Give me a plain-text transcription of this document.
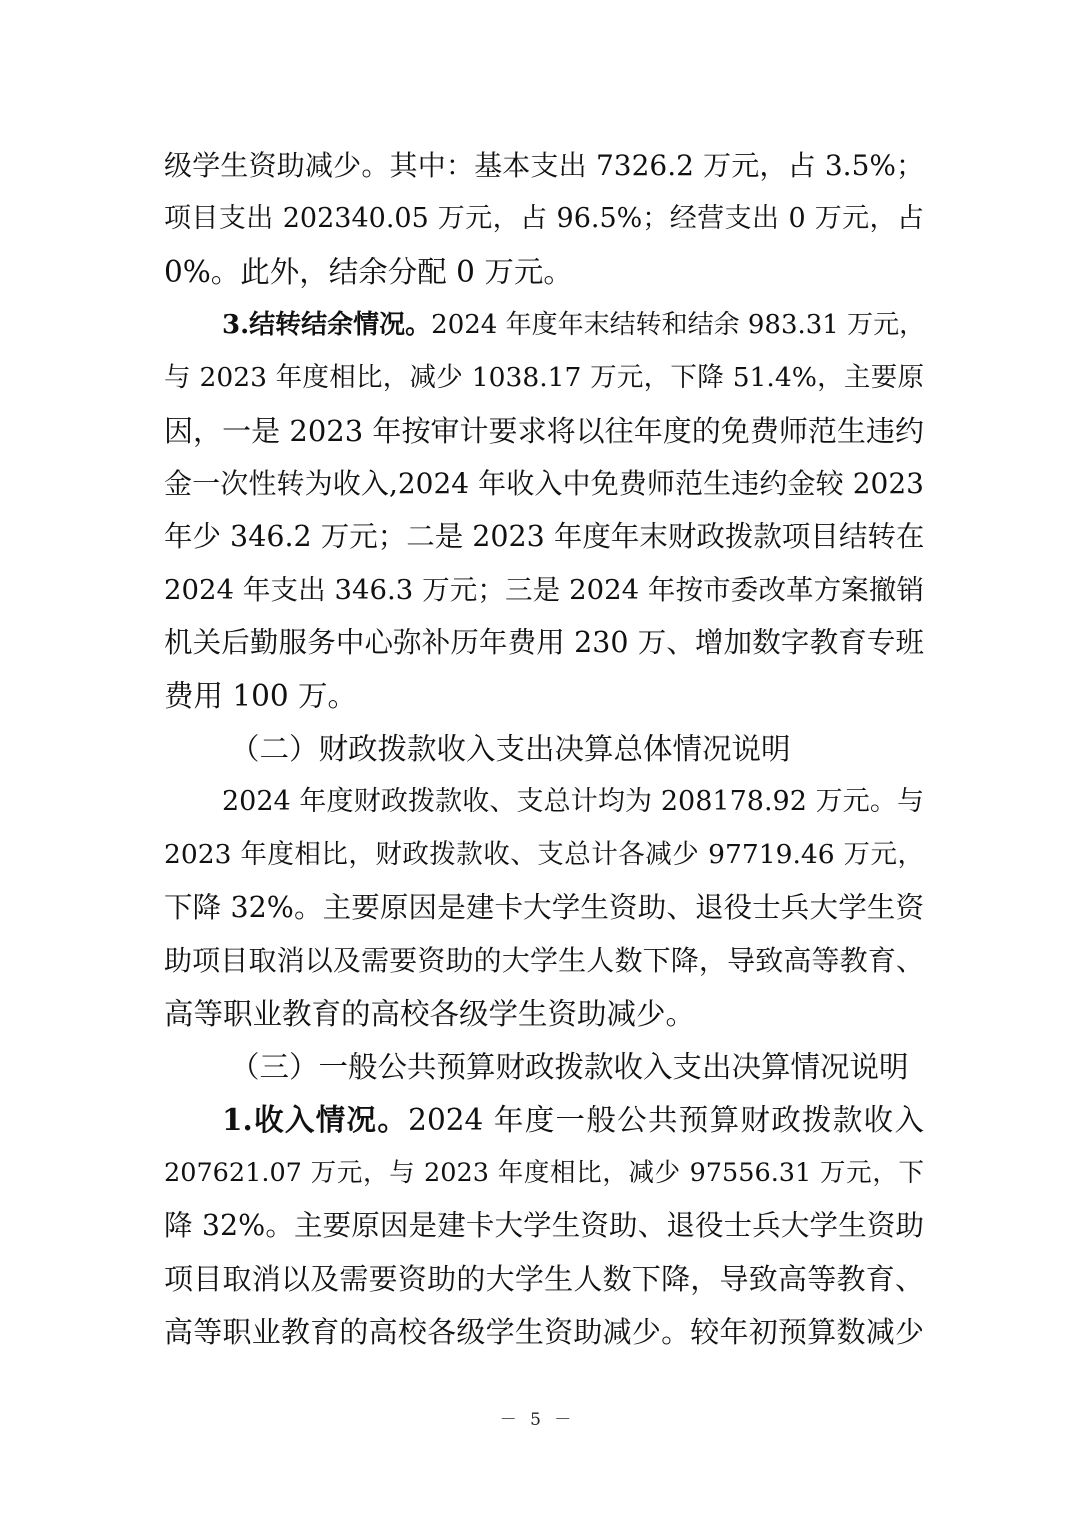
级学生资助减少。其中：基本支出 7326.2 万元，占 3.5%；
项目支出 202340.05 万元，占 96.5%；经营支出 0 万元，占
0%。此外，结余分配 0 万元。
3.结转结余情况。2024 年度年末结转和结余 983.31 万元，
与 2023 年度相比，减少 1038.17 万元，下降 51.4%，主要原
因，一是 2023 年按审计要求将以往年度的免费师范生违约
金一次性转为收入,2024 年收入中免费师范生违约金较 2023
年少 346.2 万元；二是 2023 年度年末财政拨款项目结转在
2024 年支出 346.3 万元；三是 2024 年按市委改革方案撤销
机关后勤服务中心弥补历年费用 230 万、增加数字教育专班
费用 100 万。
（二）财政拨款收入支出决算总体情况说明
2024 年度财政拨款收、支总计均为 208178.92 万元。与
2023 年度相比，财政拨款收、支总计各减少 97719.46 万元，
下降 32%。主要原因是建卡大学生资助、退役士兵大学生资
助项目取消以及需要资助的大学生人数下降，导致高等教育、
高等职业教育的高校各级学生资助减少。
（三）一般公共预算财政拨款收入支出决算情况说明
1.收入情况。2024 年度一般公共预算财政拨款收入
207621.07 万元，与 2023 年度相比，减少 97556.31 万元，下
降 32%。主要原因是建卡大学生资助、退役士兵大学生资助
项目取消以及需要资助的大学生人数下降，导致高等教育、
高等职业教育的高校各级学生资助减少。较年初预算数减少
－ 5 －
